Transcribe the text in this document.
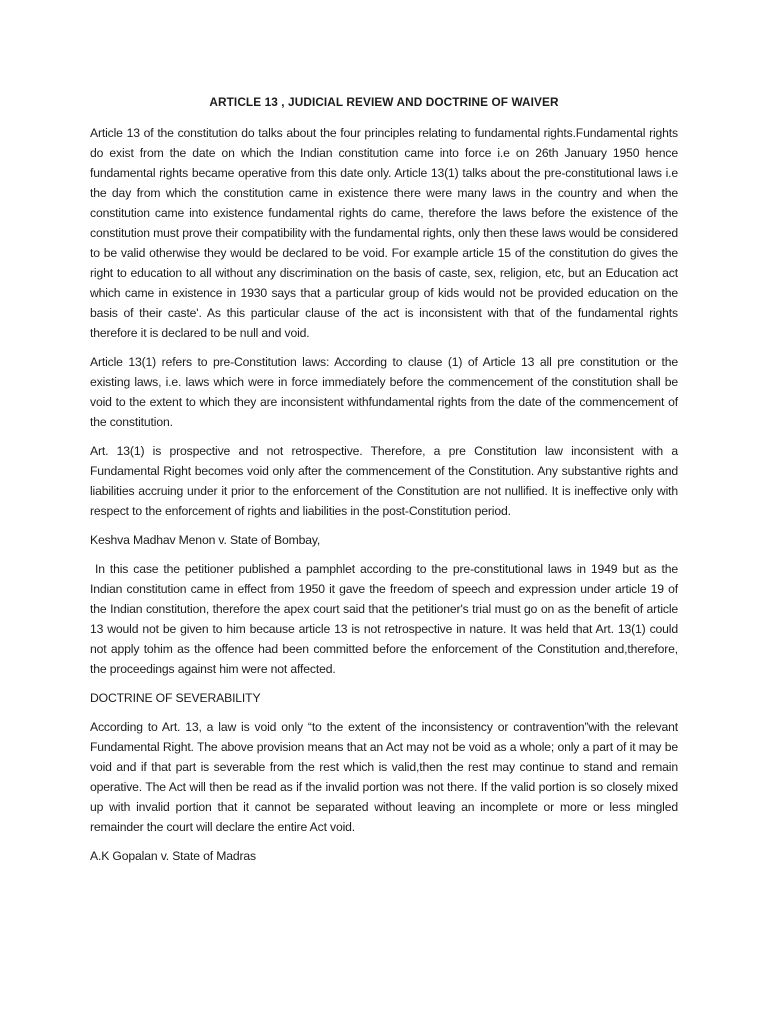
ARTICLE 13 , JUDICIAL REVIEW AND DOCTRINE OF WAIVER

Article 13 of the constitution do talks about the four principles relating to fundamental rights.Fundamental rights do exist from the date on which the Indian constitution came into force i.e on 26th January 1950 hence fundamental rights became operative from this date only. Article 13(1) talks about the pre-constitutional laws i.e the day from which the constitution came in existence there were many laws in the country and when the constitution came into existence fundamental rights do came, therefore the laws before the existence of the constitution must prove their compatibility with the fundamental rights, only then these laws would be considered to be valid otherwise they would be declared to be void. For example article 15 of the constitution do gives the right to education to all without any discrimination on the basis of caste, sex, religion, etc, but an Education act which came in existence in 1930 says that a particular group of kids would not be provided education on the basis of their caste'. As this particular clause of the act is inconsistent with that of the fundamental rights therefore it is declared to be null and void.

Article 13(1) refers to pre-Constitution laws: According to clause (1) of Article 13 all pre constitution or the existing laws, i.e. laws which were in force immediately before the commencement of the constitution shall be void to the extent to which they are inconsistent withfundamental rights from the date of the commencement of the constitution.

Art. 13(1) is prospective and not retrospective. Therefore, a pre Constitution law inconsistent with a Fundamental Right becomes void only after the commencement of the Constitution. Any substantive rights and liabilities accruing under it prior to the enforcement of the Constitution are not nullified. It is ineffective only with respect to the enforcement of rights and liabilities in the post-Constitution period.

Keshva Madhav Menon v. State of Bombay,

In this case the petitioner published a pamphlet according to the pre-constitutional laws in 1949 but as the Indian constitution came in effect from 1950 it gave the freedom of speech and expression under article 19 of the Indian constitution, therefore the apex court said that the petitioner's trial must go on as the benefit of article 13 would not be given to him because article 13 is not retrospective in nature. It was held that Art. 13(1) could not apply tohim as the offence had been committed before the enforcement of the Constitution and,therefore, the proceedings against him were not affected.

DOCTRINE OF SEVERABILITY

According to Art. 13, a law is void only “to the extent of the inconsistency or contravention”with the relevant Fundamental Right. The above provision means that an Act may not be void as a whole; only a part of it may be void and if that part is severable from the rest which is valid,then the rest may continue to stand and remain operative. The Act will then be read as if the invalid portion was not there. If the valid portion is so closely mixed up with invalid portion that it cannot be separated without leaving an incomplete or more or less mingled remainder the court will declare the entire Act void.

A.K Gopalan v. State of Madras
